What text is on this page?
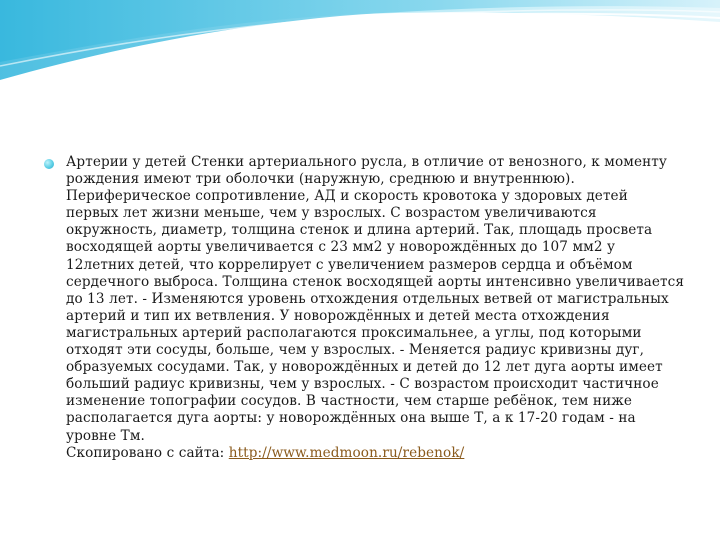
Артерии у детей Стенки артериального русла, в отличие от венозного, к моменту рождения имеют три оболочки (наружную, среднюю и внутреннюю). Периферическое сопротивление, АД и скорость кровотока у здоровых детей первых лет жизни меньше, чем у взрослых. С возрастом увеличиваются окружность, диаметр, толщина стенок и длина артерий. Так, площадь просвета восходящей аорты увеличивается с 23 мм2 у новорождённых до 107 мм2 у 12летних детей, что коррелирует с увеличением размеров сердца и объёмом сердечного выброса. Толщина стенок восходящей аорты интенсивно увеличивается до 13 лет. - Изменяются уровень отхождения отдельных ветвей от магистральных артерий и тип их ветвления. У новорождённых и детей места отхождения магистральных артерий располагаются проксимальнее, а углы, под которыми отходят эти сосуды, больше, чем у взрослых. - Меняется радиус кривизны дуг, образуемых сосудами. Так, у новорождённых и детей до 12 лет дуга аорты имеет больший радиус кривизны, чем у взрослых. - С возрастом происходит частичное изменение топографии сосудов. В частности, чем старше ребёнок, тем ниже располагается дуга аорты: у новорождённых она выше Т, а к 17-20 годам - на уровне Тм.
Скопировано с сайта: http://www.medmoon.ru/rebenok/
